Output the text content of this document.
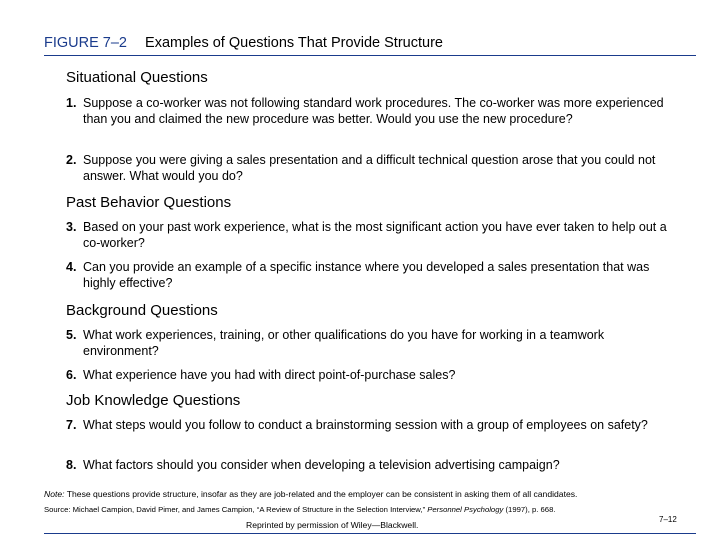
FIGURE 7–2 Examples of Questions That Provide Structure
Situational Questions
1. Suppose a co-worker was not following standard work procedures. The co-worker was more experienced than you and claimed the new procedure was better. Would you use the new procedure?
2. Suppose you were giving a sales presentation and a difficult technical question arose that you could not answer. What would you do?
Past Behavior Questions
3. Based on your past work experience, what is the most significant action you have ever taken to help out a co-worker?
4. Can you provide an example of a specific instance where you developed a sales presentation that was highly effective?
Background Questions
5. What work experiences, training, or other qualifications do you have for working in a teamwork environment?
6. What experience have you had with direct point-of-purchase sales?
Job Knowledge Questions
7. What steps would you follow to conduct a brainstorming session with a group of employees on safety?
8. What factors should you consider when developing a television advertising campaign?
Note: These questions provide structure, insofar as they are job-related and the employer can be consistent in asking them of all candidates.
Source: Michael Campion, David Pimer, and James Campion, “A Review of Structure in the Selection Interview,” Personnel Psychology (1997), p. 668.
Reprinted by permission of Wiley—Blackwell.
7–12
